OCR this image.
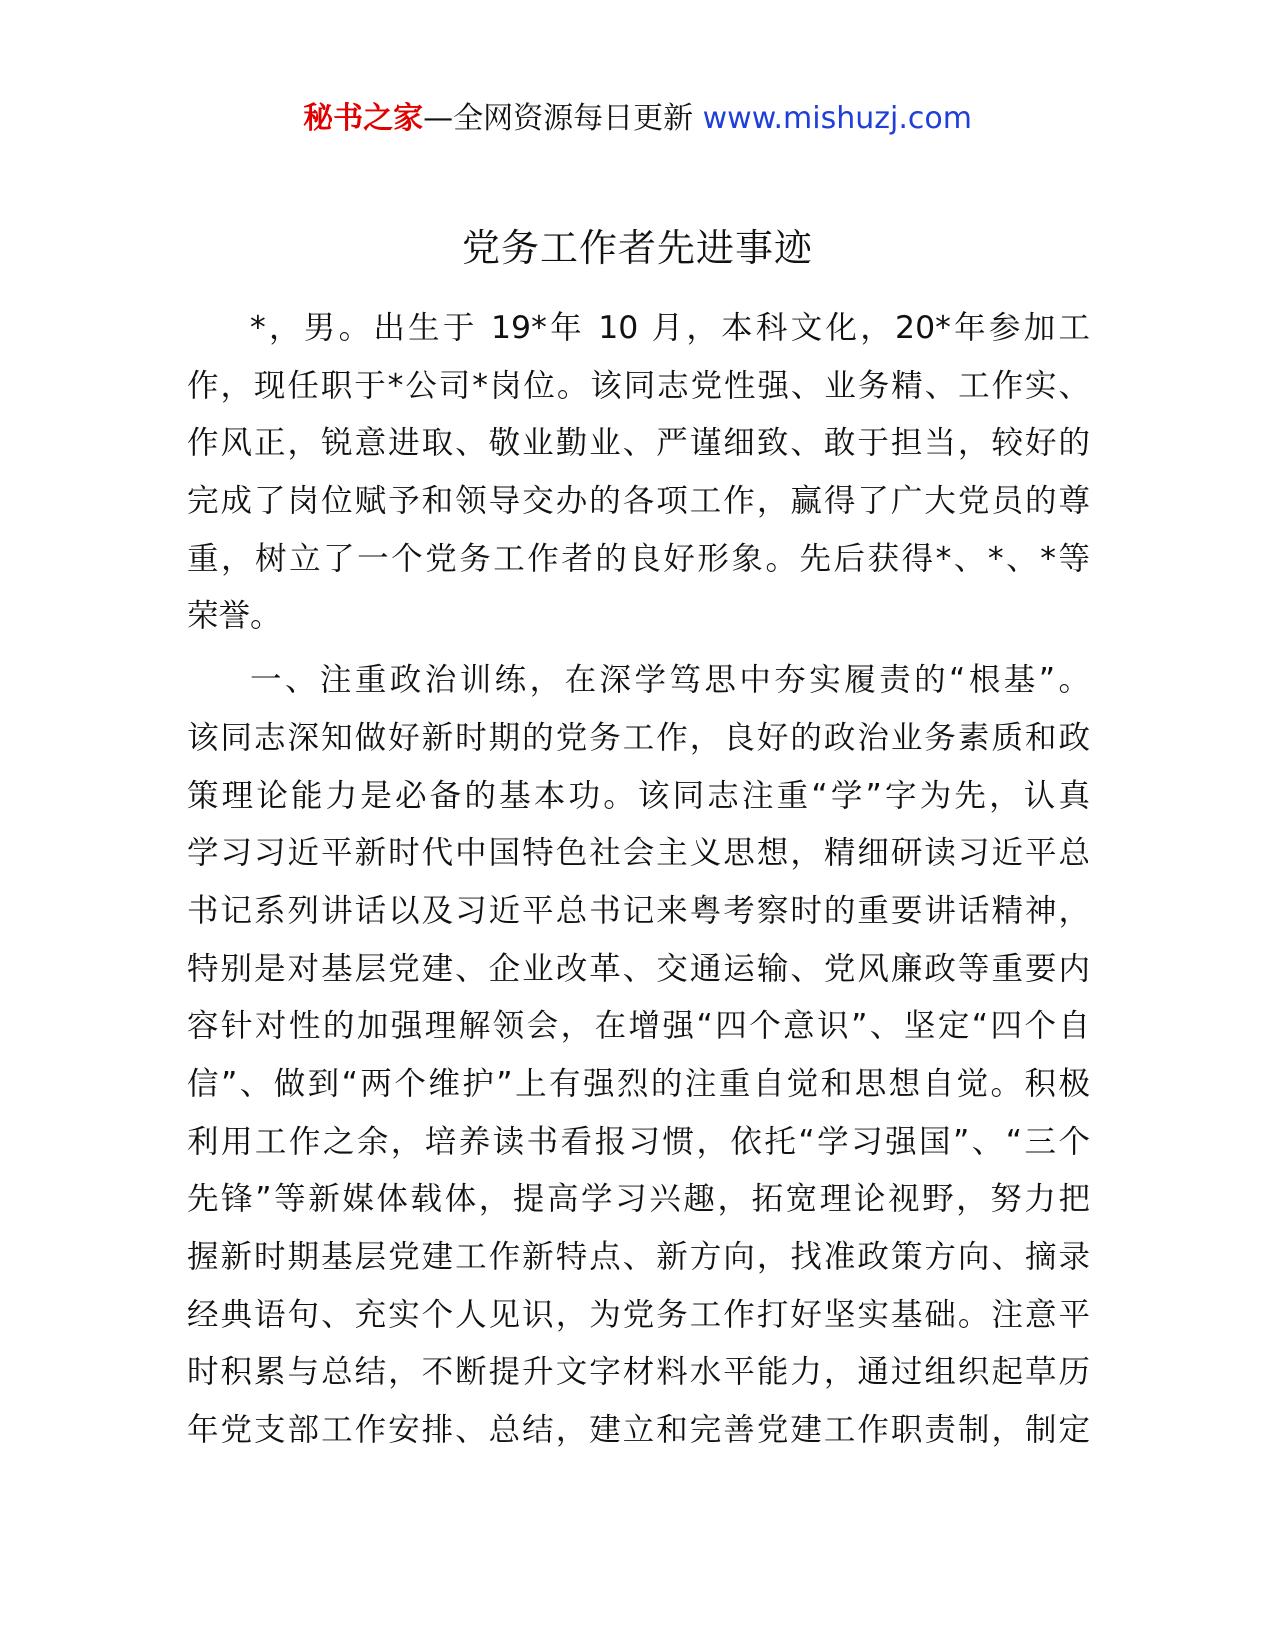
秘书之家—全网资源每日更新 www.mishuzj.com
党务工作者先进事迹
*，男。出生于 19*年 10 月，本科文化，20*年参加工
作，现任职于*公司*岗位。该同志党性强、业务精、工作实、
作风正，锐意进取、敬业勤业、严谨细致、敢于担当，较好的
完成了岗位赋予和领导交办的各项工作，赢得了广大党员的尊
重，树立了一个党务工作者的良好形象。先后获得*、*、*等
荣誉。
一、注重政治训练，在深学笃思中夯实履责的“根基”。
该同志深知做好新时期的党务工作，良好的政治业务素质和政
策理论能力是必备的基本功。该同志注重“学”字为先，认真
学习习近平新时代中国特色社会主义思想，精细研读习近平总
书记系列讲话以及习近平总书记来粤考察时的重要讲话精神，
特别是对基层党建、企业改革、交通运输、党风廉政等重要内
容针对性的加强理解领会，在增强“四个意识”、坚定“四个自
信”、做到“两个维护”上有强烈的注重自觉和思想自觉。积极
利用工作之余，培养读书看报习惯，依托“学习强国”、“三个
先锋”等新媒体载体，提高学习兴趣，拓宽理论视野，努力把
握新时期基层党建工作新特点、新方向，找准政策方向、摘录
经典语句、充实个人见识，为党务工作打好坚实基础。注意平
时积累与总结，不断提升文字材料水平能力，通过组织起草历
年党支部工作安排、总结，建立和完善党建工作职责制，制定
